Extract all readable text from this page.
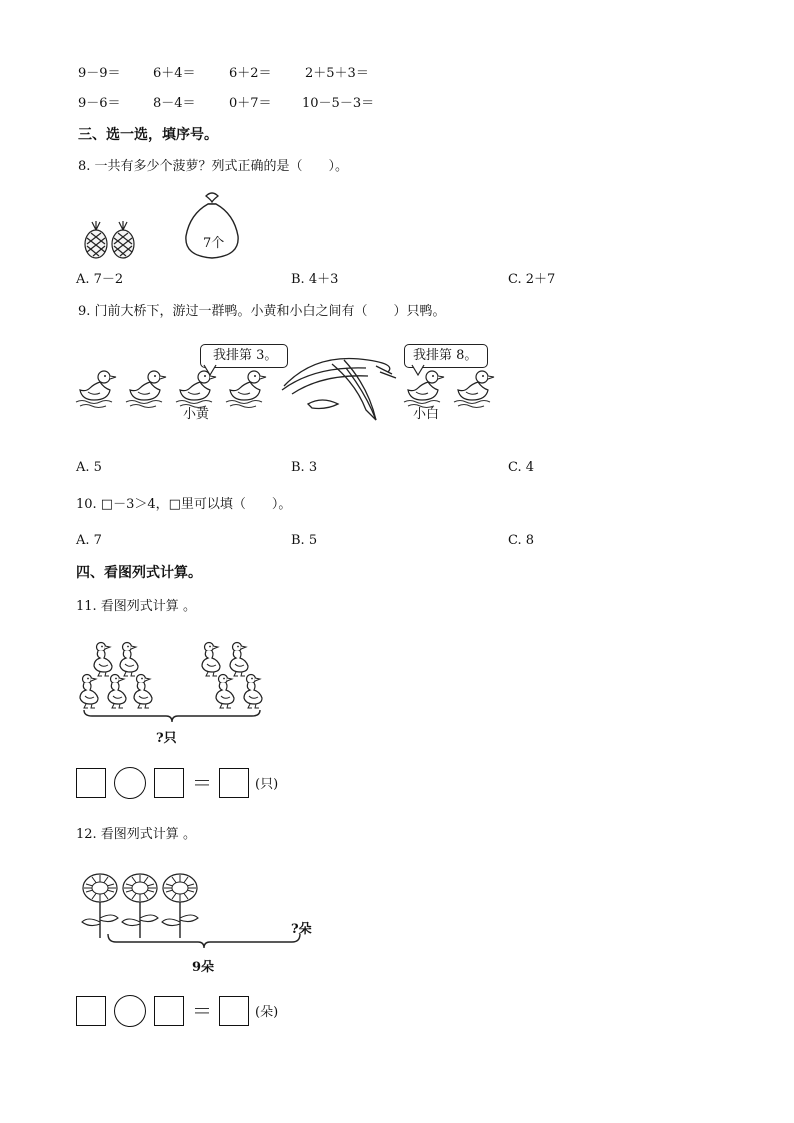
9－9＝ 6＋4＝	6＋2＝	2＋5＋3＝
9－6＝ 8－4＝	0＋7＝ 10－5－3＝
三、选一选，填序号。
8. 一共有多少个菠萝？列式正确的是（　　）。
7个
A. 7－2	B. 4＋3	C. 2＋7
9. 门前大桥下，游过一群鸭。小黄和小白之间有（　　）只鸭。
我排第 3。	我排第 8。
小黄	小白
A. 5	B. 3	C. 4
10. □－3＞4，□里可以填（　　）。
A. 7	B. 5	C. 8
四、看图列式计算。
11. 看图列式计算 。
?只
＝	(只)
12. 看图列式计算 。
?朵
9朵
＝	(朵)
